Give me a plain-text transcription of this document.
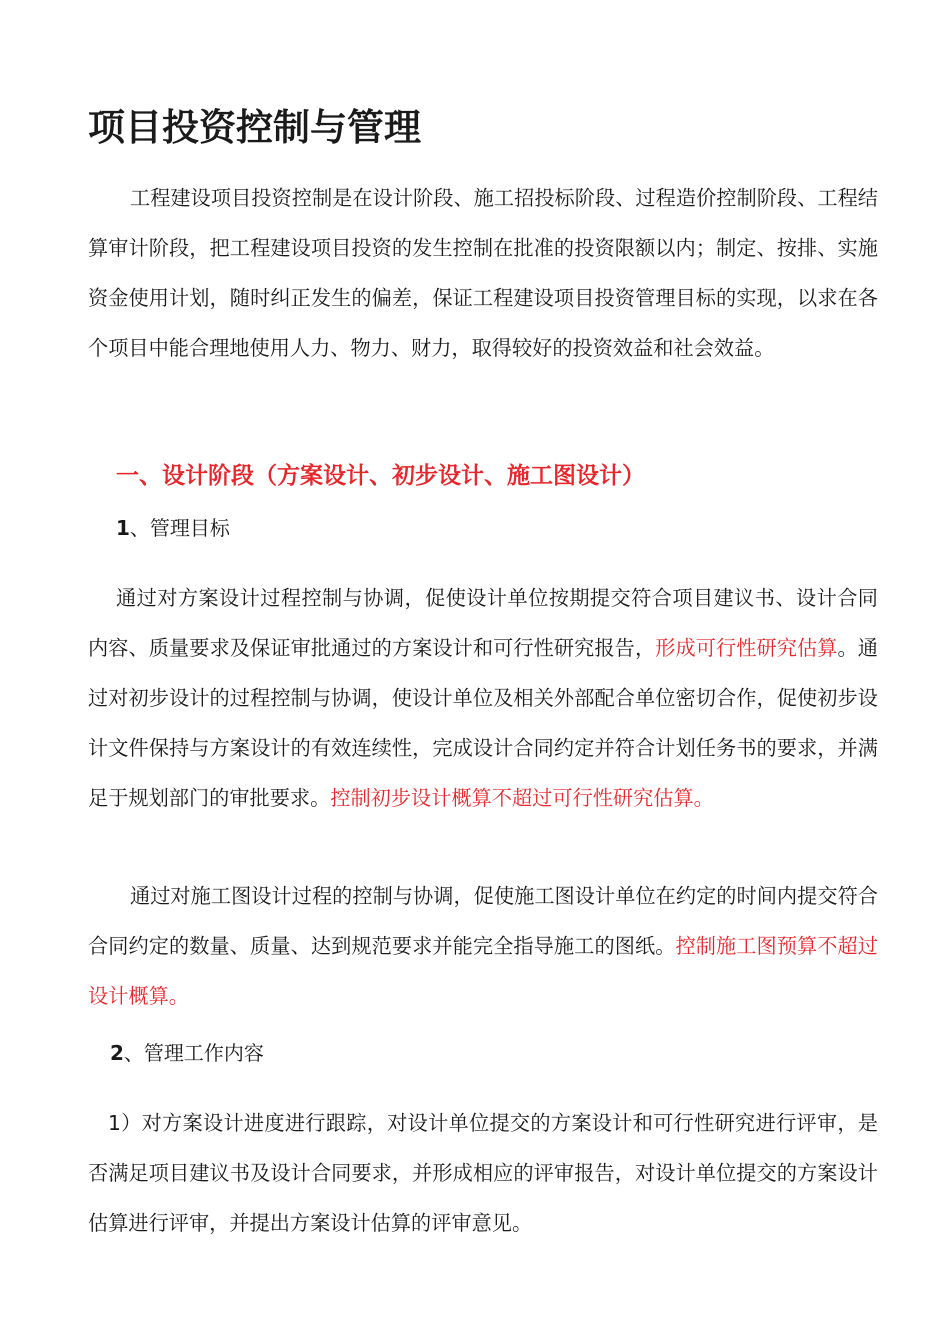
项目投资控制与管理

工程建设项目投资控制是在设计阶段、施工招投标阶段、过程造价控制阶段、工程结算审计阶段，把工程建设项目投资的发生控制在批准的投资限额以内；制定、按排、实施资金使用计划，随时纠正发生的偏差，保证工程建设项目投资管理目标的实现，以求在各个项目中能合理地使用人力、物力、财力，取得较好的投资效益和社会效益。

一、设计阶段（方案设计、初步设计、施工图设计）

1、管理目标

通过对方案设计过程控制与协调，促使设计单位按期提交符合项目建议书、设计合同内容、质量要求及保证审批通过的方案设计和可行性研究报告，形成可行性研究估算。通过对初步设计的过程控制与协调，使设计单位及相关外部配合单位密切合作，促使初步设计文件保持与方案设计的有效连续性，完成设计合同约定并符合计划任务书的要求，并满足于规划部门的审批要求。控制初步设计概算不超过可行性研究估算。

通过对施工图设计过程的控制与协调，促使施工图设计单位在约定的时间内提交符合合同约定的数量、质量、达到规范要求并能完全指导施工的图纸。控制施工图预算不超过设计概算。

2、管理工作内容

1）对方案设计进度进行跟踪，对设计单位提交的方案设计和可行性研究进行评审，是否满足项目建议书及设计合同要求，并形成相应的评审报告，对设计单位提交的方案设计估算进行评审，并提出方案设计估算的评审意见。
